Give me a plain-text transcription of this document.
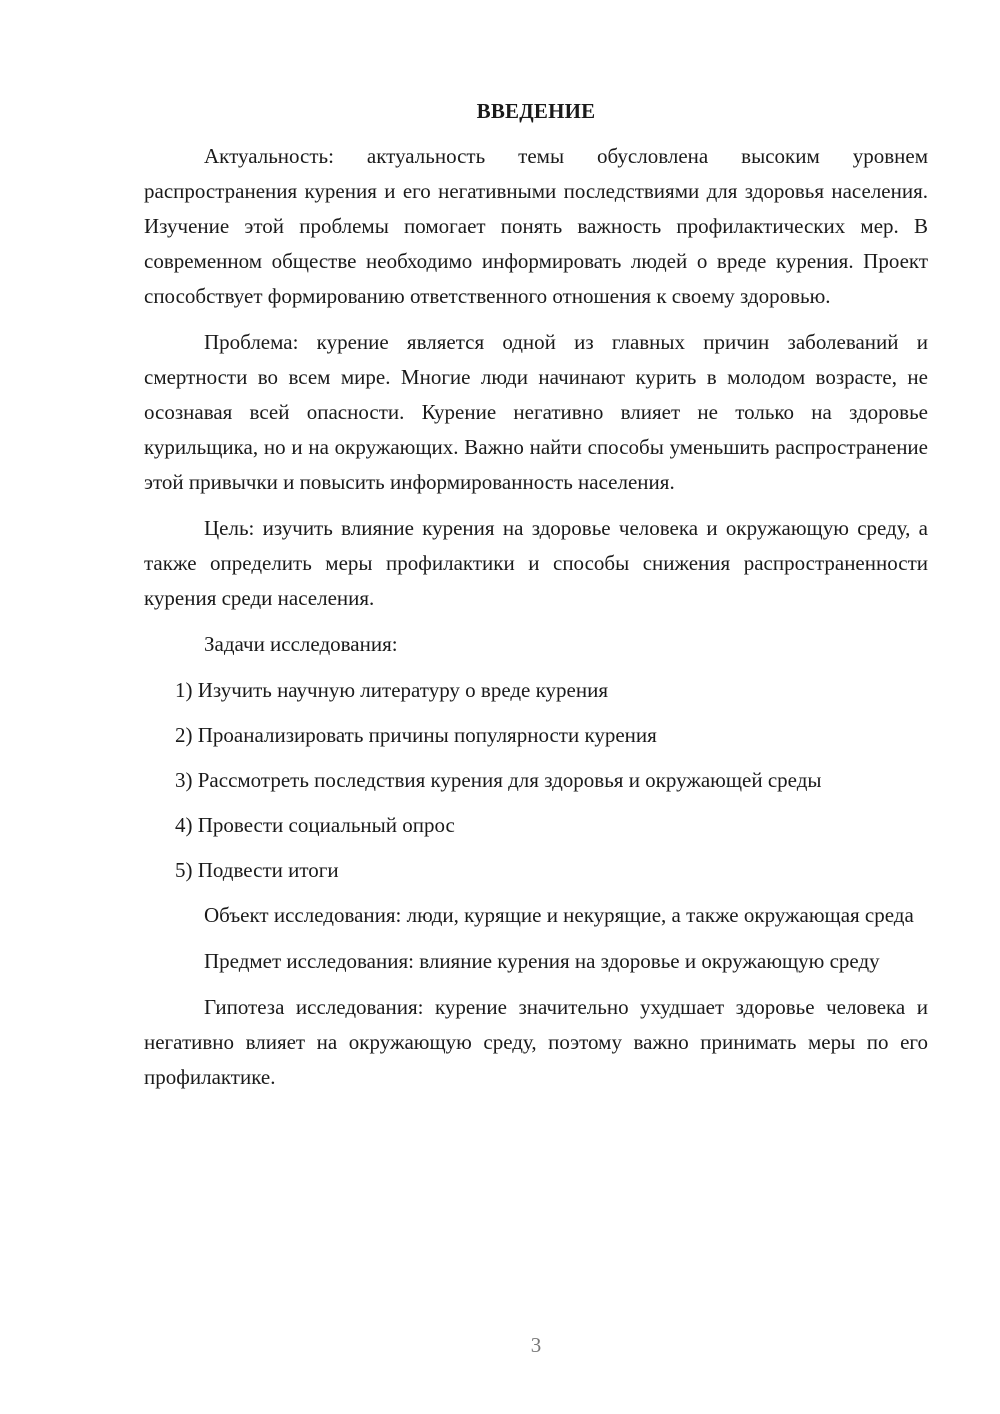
ВВЕДЕНИЕ

Актуальность: актуальность темы обусловлена высоким уровнем распространения курения и его негативными последствиями для здоровья населения. Изучение этой проблемы помогает понять важность профилактических мер. В современном обществе необходимо информировать людей о вреде курения. Проект способствует формированию ответственного отношения к своему здоровью.

Проблема: курение является одной из главных причин заболеваний и смертности во всем мире. Многие люди начинают курить в молодом возрасте, не осознавая всей опасности. Курение негативно влияет не только на здоровье курильщика, но и на окружающих. Важно найти способы уменьшить распространение этой привычки и повысить информированность населения.

Цель: изучить влияние курения на здоровье человека и окружающую среду, а также определить меры профилактики и способы снижения распространенности курения среди населения.

Задачи исследования:

1) Изучить научную литературу о вреде курения

2) Проанализировать причины популярности курения

3) Рассмотреть последствия курения для здоровья и окружающей среды

4) Провести социальный опрос

5) Подвести итоги

Объект исследования: люди, курящие и некурящие, а также окружающая среда

Предмет исследования: влияние курения на здоровье и окружающую среду

Гипотеза исследования: курение значительно ухудшает здоровье человека и негативно влияет на окружающую среду, поэтому важно принимать меры по его профилактике.

3
